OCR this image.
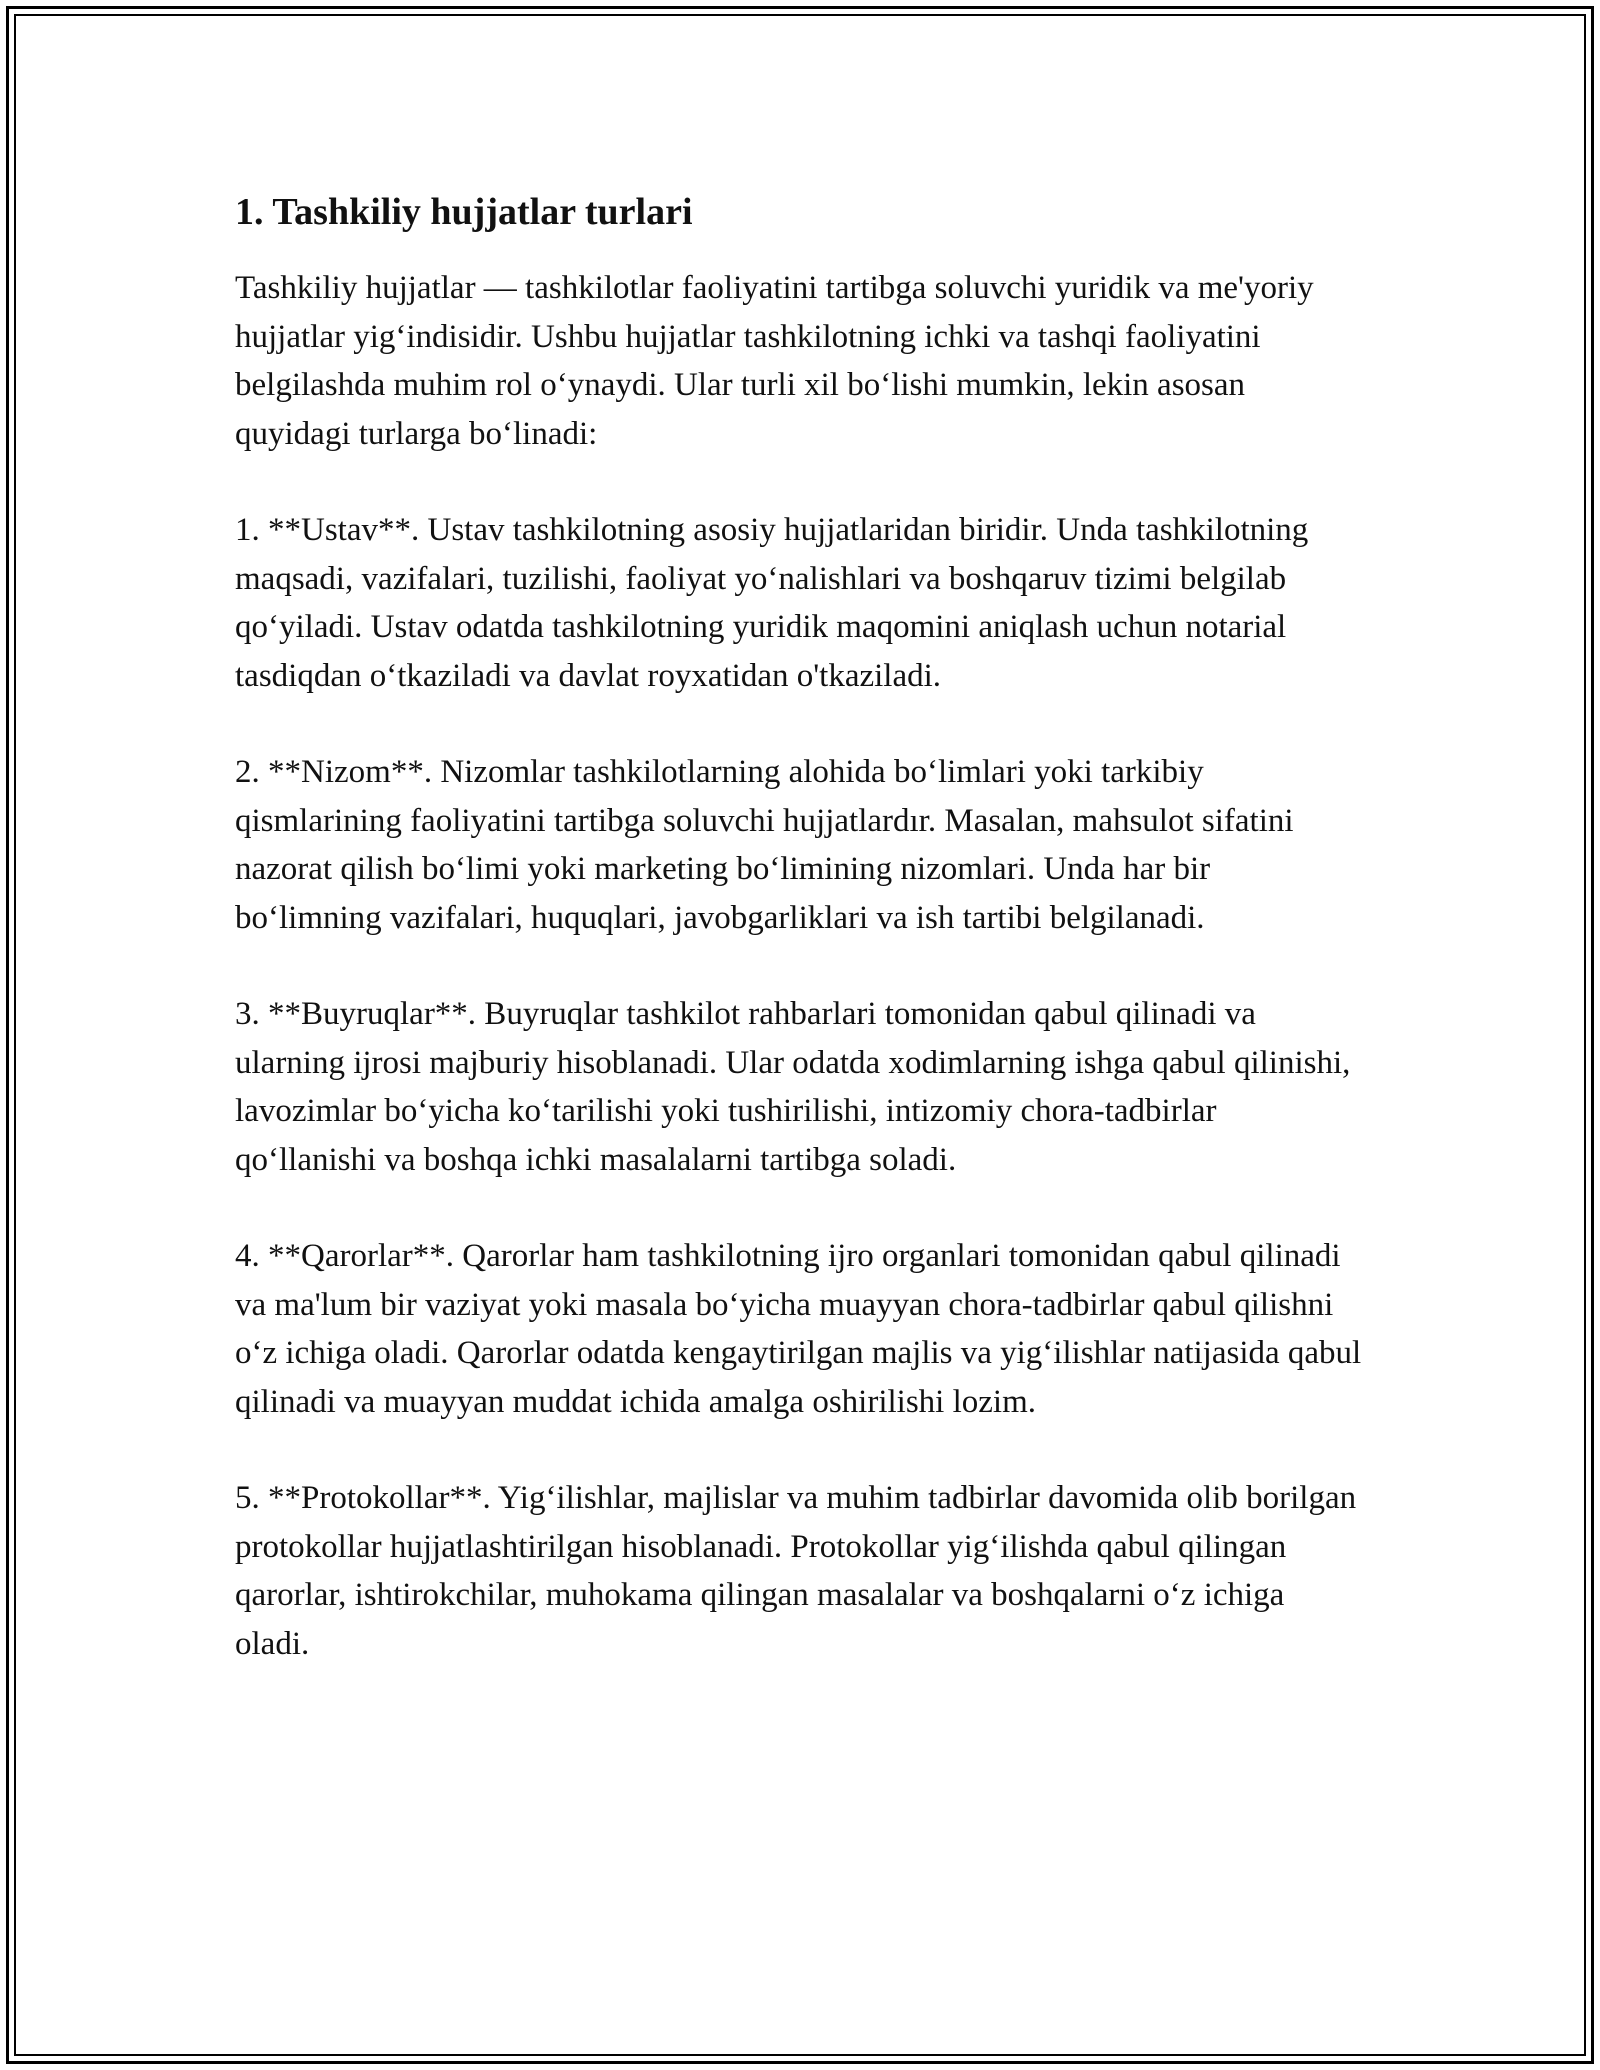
1. Tashkiliy hujjatlar turlari

Tashkiliy hujjatlar — tashkilotlar faoliyatini tartibga soluvchi yuridik va me'yoriy hujjatlar yig‘indisidir. Ushbu hujjatlar tashkilotning ichki va tashqi faoliyatini belgilashda muhim rol o‘ynaydi. Ular turli xil bo‘lishi mumkin, lekin asosan quyidagi turlarga bo‘linadi:

1. **Ustav**. Ustav tashkilotning asosiy hujjatlaridan biridir. Unda tashkilotning maqsadi, vazifalari, tuzilishi, faoliyat yo‘nalishlari va boshqaruv tizimi belgilab qo‘yiladi. Ustav odatda tashkilotning yuridik maqomini aniqlash uchun notarial tasdiqdan o‘tkaziladi va davlat royxatidan o'tkaziladi.

2. **Nizom**. Nizomlar tashkilotlarning alohida bo‘limlari yoki tarkibiy qismlarining faoliyatini tartibga soluvchi hujjatlardır. Masalan, mahsulot sifatini nazorat qilish bo‘limi yoki marketing bo‘limining nizomlari. Unda har bir bo‘limning vazifalari, huquqlari, javobgarliklari va ish tartibi belgilanadi.

3. **Buyruqlar**. Buyruqlar tashkilot rahbarlari tomonidan qabul qilinadi va ularning ijrosi majburiy hisoblanadi. Ular odatda xodimlarning ishga qabul qilinishi, lavozimlar bo‘yicha ko‘tarilishi yoki tushirilishi, intizomiy chora-tadbirlar qo‘llanishi va boshqa ichki masalalarni tartibga soladi.

4. **Qarorlar**. Qarorlar ham tashkilotning ijro organlari tomonidan qabul qilinadi va ma'lum bir vaziyat yoki masala bo‘yicha muayyan chora-tadbirlar qabul qilishni o‘z ichiga oladi. Qarorlar odatda kengaytirilgan majlis va yig‘ilishlar natijasida qabul qilinadi va muayyan muddat ichida amalga oshirilishi lozim.

5. **Protokollar**. Yig‘ilishlar, majlislar va muhim tadbirlar davomida olib borilgan protokollar hujjatlashtirilgan hisoblanadi. Protokollar yig‘ilishda qabul qilingan qarorlar, ishtirokchilar, muhokama qilingan masalalar va boshqalarni o‘z ichiga oladi.
